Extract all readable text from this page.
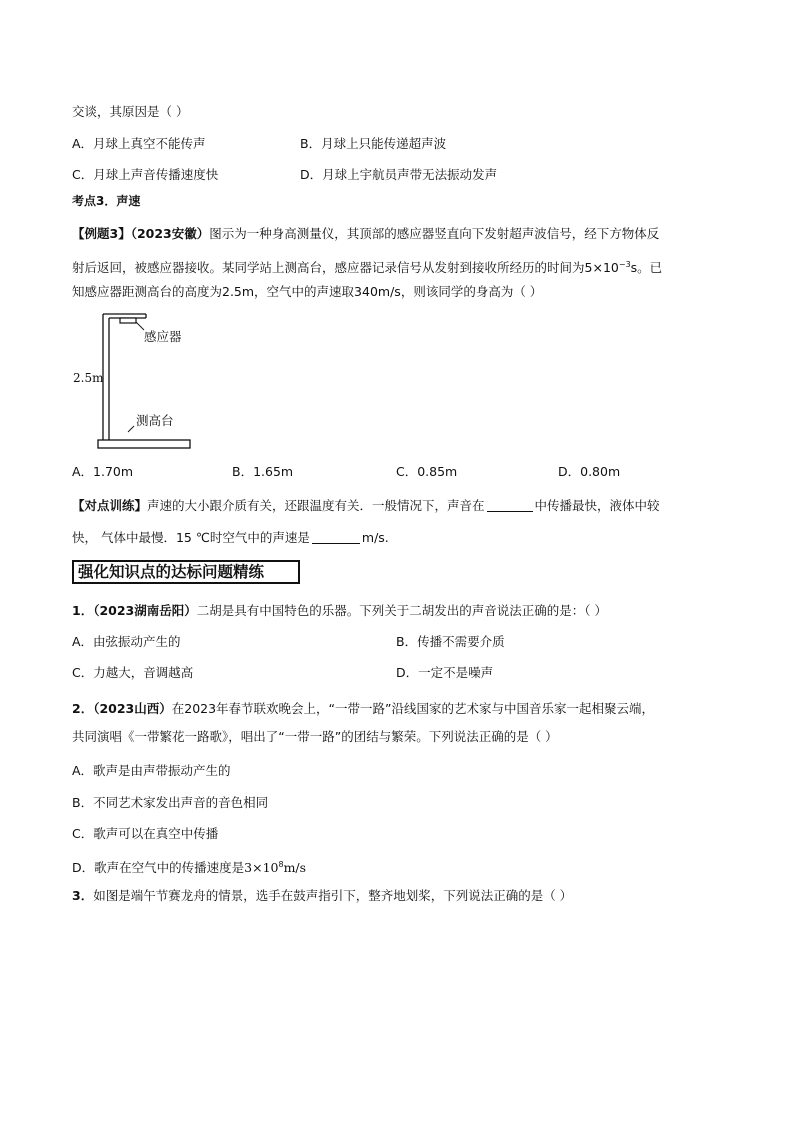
交谈，其原因是（ ）
A．月球上真空不能传声	B．月球上只能传递超声波
C．月球上声音传播速度快	D．月球上宇航员声带无法振动发声
考点3．声速
【例题3】（2023安徽）图示为一种身高测量仪，其顶部的感应器竖直向下发射超声波信号，经下方物体反
射后返回，被感应器接收。某同学站上测高台，感应器记录信号从发射到接收所经历的时间为$5\times 10^{-3}s$。已
知感应器距测高台的高度为2.5m，空气中的声速取340m/s，则该同学的身高为（ ）
感应器
2.5m
测高台
A．1.70m	B．1.65m	C．0.85m	D．0.80m
【对点训练】声速的大小跟介质有关，还跟温度有关．一般情况下，声音在	中传播最快，液体中较
快， 气体中最慢．15 ℃时空气中的声速是	m/s.
强化知识点的达标问题精练
1．（2023湖南岳阳）二胡是具有中国特色的乐器。下列关于二胡发出的声音说法正确的是：（ ）
A．由弦振动产生的	B．传播不需要介质
C．力越大，音调越高	D．一定不是噪声
2．（2023山西）在2023年春节联欢晚会上，“一带一路”沿线国家的艺术家与中国音乐家一起相聚云端，
共同演唱《一带繁花一路歌》，唱出了“一带一路”的团结与繁荣。下列说法正确的是（ ）
A．歌声是由声带振动产生的
B．不同艺术家发出声音的音色相同
C．歌声可以在真空中传播
D．歌声在空气中的传播速度是$3\times 10^8m/s$
3．如图是端午节赛龙舟的情景，选手在鼓声指引下，整齐地划桨，下列说法正确的是（ ）
